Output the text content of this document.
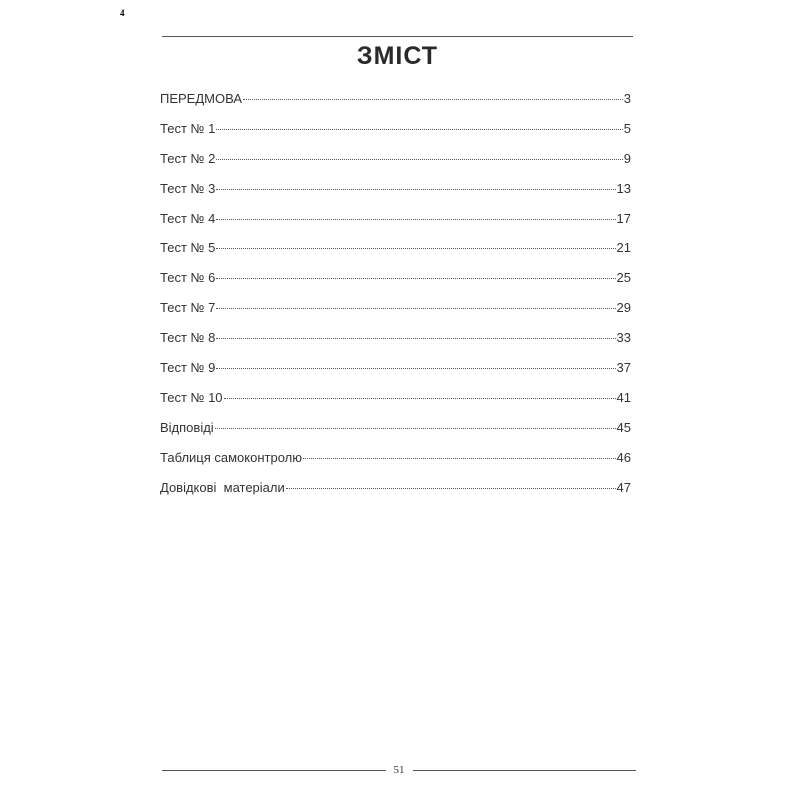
4
ЗМІСТ
ПЕРЕДМОВА	3
Тест № 1	5
Тест № 2	9
Тест № 3	13
Тест № 4	17
Тест № 5	21
Тест № 6	25
Тест № 7	29
Тест № 8	33
Тест № 9	37
Тест № 10	41
Відповіді	45
Таблиця самоконтролю	46
Довідкові  матеріали	47
51
